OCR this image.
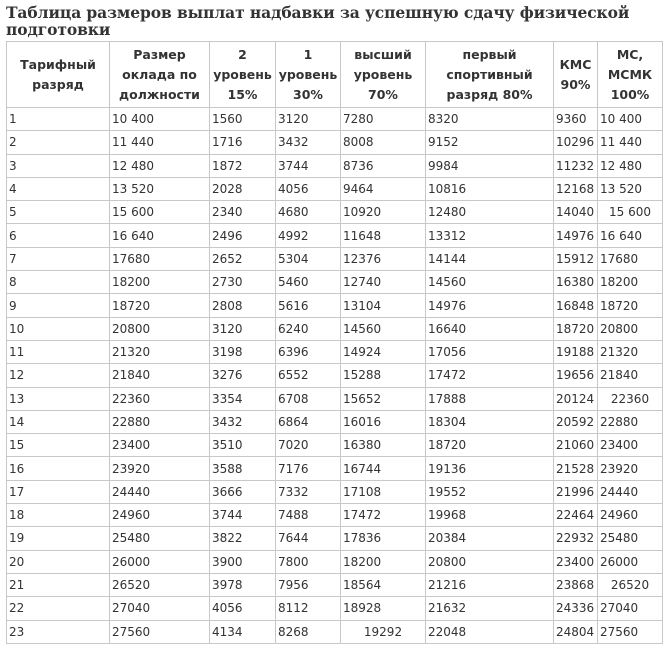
Таблица размеров выплат надбавки за успешную сдачу физической подготовки
Тарифный разряд	Размер оклада по должности	2 уровень 15%	1 уровень 30%	высший уровень 70%	первый спортивный разряд 80%	КМС 90%	МС, МСМК 100%
1	10 400	1560	3120	7280	8320	9360	10 400
2	11 440	1716	3432	8008	9152	10296	11 440
3	12 480	1872	3744	8736	9984	11232	12 480
4	13 520	2028	4056	9464	10816	12168	13 520
5	15 600	2340	4680	10920	12480	14040	15 600
6	16 640	2496	4992	11648	13312	14976	16 640
7	17680	2652	5304	12376	14144	15912	17680
8	18200	2730	5460	12740	14560	16380	18200
9	18720	2808	5616	13104	14976	16848	18720
10	20800	3120	6240	14560	16640	18720	20800
11	21320	3198	6396	14924	17056	19188	21320
12	21840	3276	6552	15288	17472	19656	21840
13	22360	3354	6708	15652	17888	20124	22360
14	22880	3432	6864	16016	18304	20592	22880
15	23400	3510	7020	16380	18720	21060	23400
16	23920	3588	7176	16744	19136	21528	23920
17	24440	3666	7332	17108	19552	21996	24440
18	24960	3744	7488	17472	19968	22464	24960
19	25480	3822	7644	17836	20384	22932	25480
20	26000	3900	7800	18200	20800	23400	26000
21	26520	3978	7956	18564	21216	23868	26520
22	27040	4056	8112	18928	21632	24336	27040
23	27560	4134	8268	19292	22048	24804	27560
